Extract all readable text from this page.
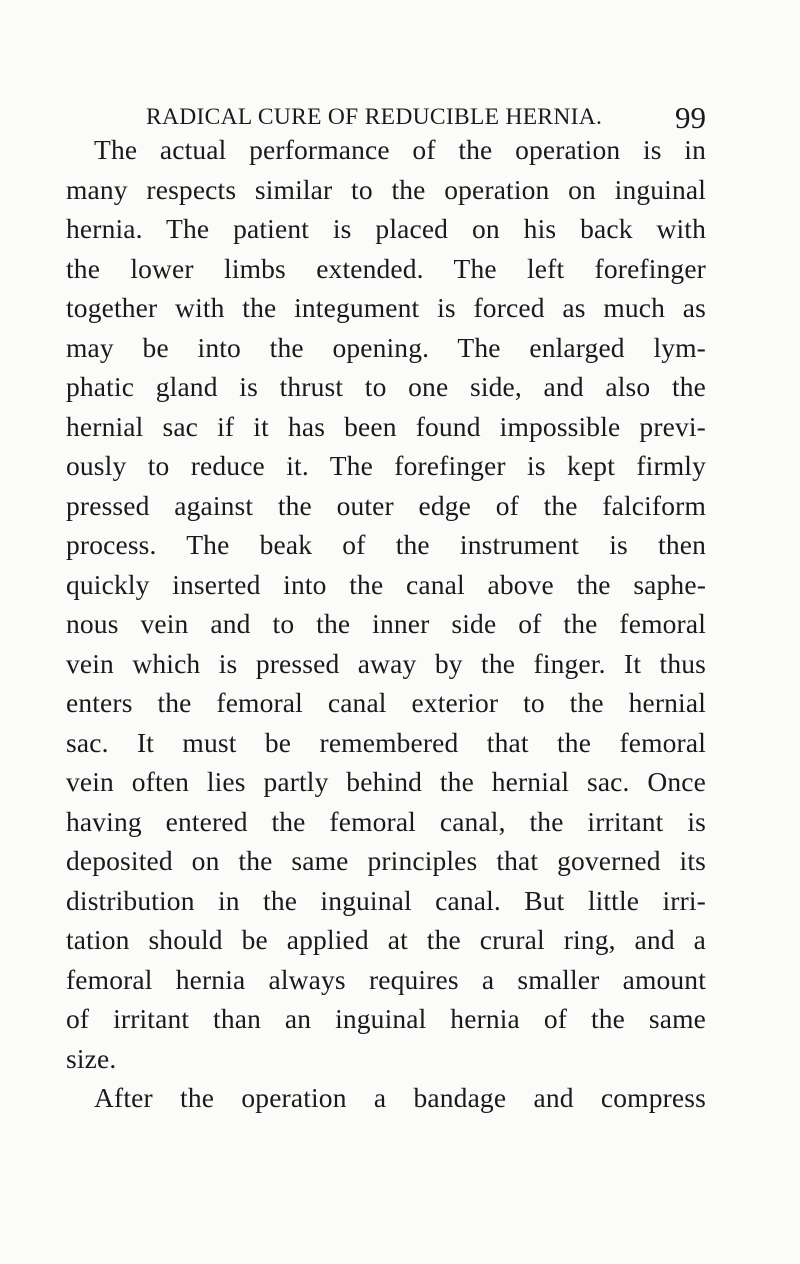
RADICAL CURE OF REDUCIBLE HERNIA. 99
The actual performance of the operation is in
many respects similar to the operation on inguinal
hernia. The patient is placed on his back with
the lower limbs extended. The left forefinger
together with the integument is forced as much as
may be into the opening. The enlarged lym-
phatic gland is thrust to one side, and also the
hernial sac if it has been found impossible previ-
ously to reduce it. The forefinger is kept firmly
pressed against the outer edge of the falciform
process. The beak of the instrument is then
quickly inserted into the canal above the saphe-
nous vein and to the inner side of the femoral
vein which is pressed away by the finger. It thus
enters the femoral canal exterior to the hernial
sac. It must be remembered that the femoral
vein often lies partly behind the hernial sac. Once
having entered the femoral canal, the irritant is
deposited on the same principles that governed its
distribution in the inguinal canal. But little irri-
tation should be applied at the crural ring, and a
femoral hernia always requires a smaller amount
of irritant than an inguinal hernia of the same
size.
After the operation a bandage and compress
